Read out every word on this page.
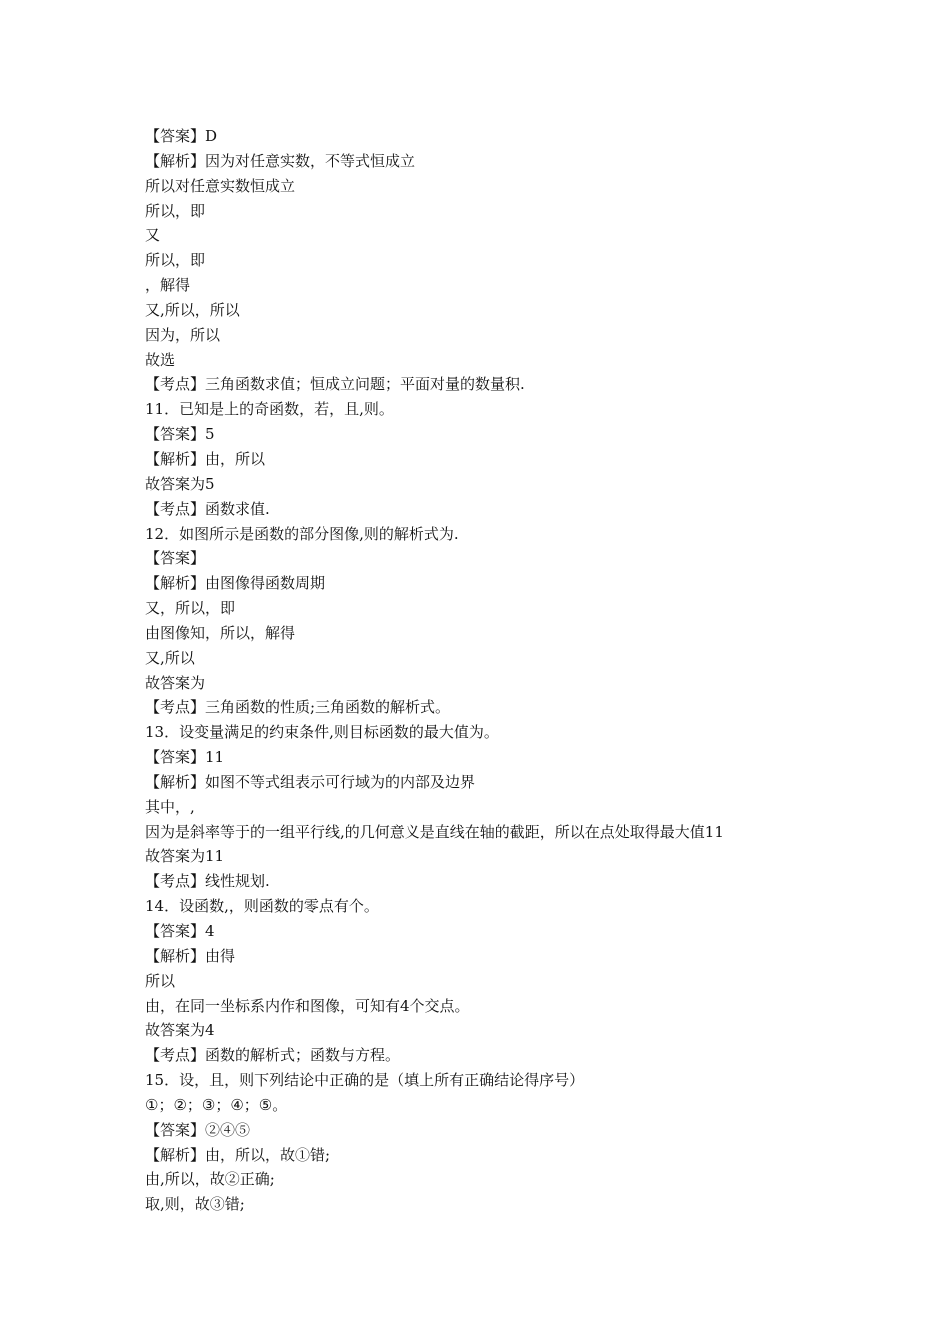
【答案】D
【解析】因为对任意实数，不等式恒成立
所以对任意实数恒成立
所以，即
又
所以，即
，解得
又,所以，所以
因为，所以
故选
【考点】三角函数求值；恒成立问题；平面对量的数量积.
11．已知是上的奇函数，若，且,则。
【答案】5
【解析】由，所以
故答案为5
【考点】函数求值.
12．如图所示是函数的部分图像,则的解析式为.
【答案】
【解析】由图像得函数周期
又，所以，即
由图像知，所以，解得
又,所以
故答案为
【考点】三角函数的性质;三角函数的解析式。
13．设变量满足的约束条件,则目标函数的最大值为。
【答案】11
【解析】如图不等式组表示可行域为的内部及边界
其中，,
因为是斜率等于的一组平行线,的几何意义是直线在轴的截距，所以在点处取得最大值11
故答案为11
【考点】线性规划.
14．设函数,，则函数的零点有个。
【答案】4
【解析】由得
所以
由，在同一坐标系内作和图像，可知有4个交点。
故答案为4
【考点】函数的解析式；函数与方程。
15．设，且，则下列结论中正确的是（填上所有正确结论得序号）
①；②；③；④；⑤。
【答案】②④⑤
【解析】由，所以，故①错;
由,所以，故②正确;
取,则，故③错;
